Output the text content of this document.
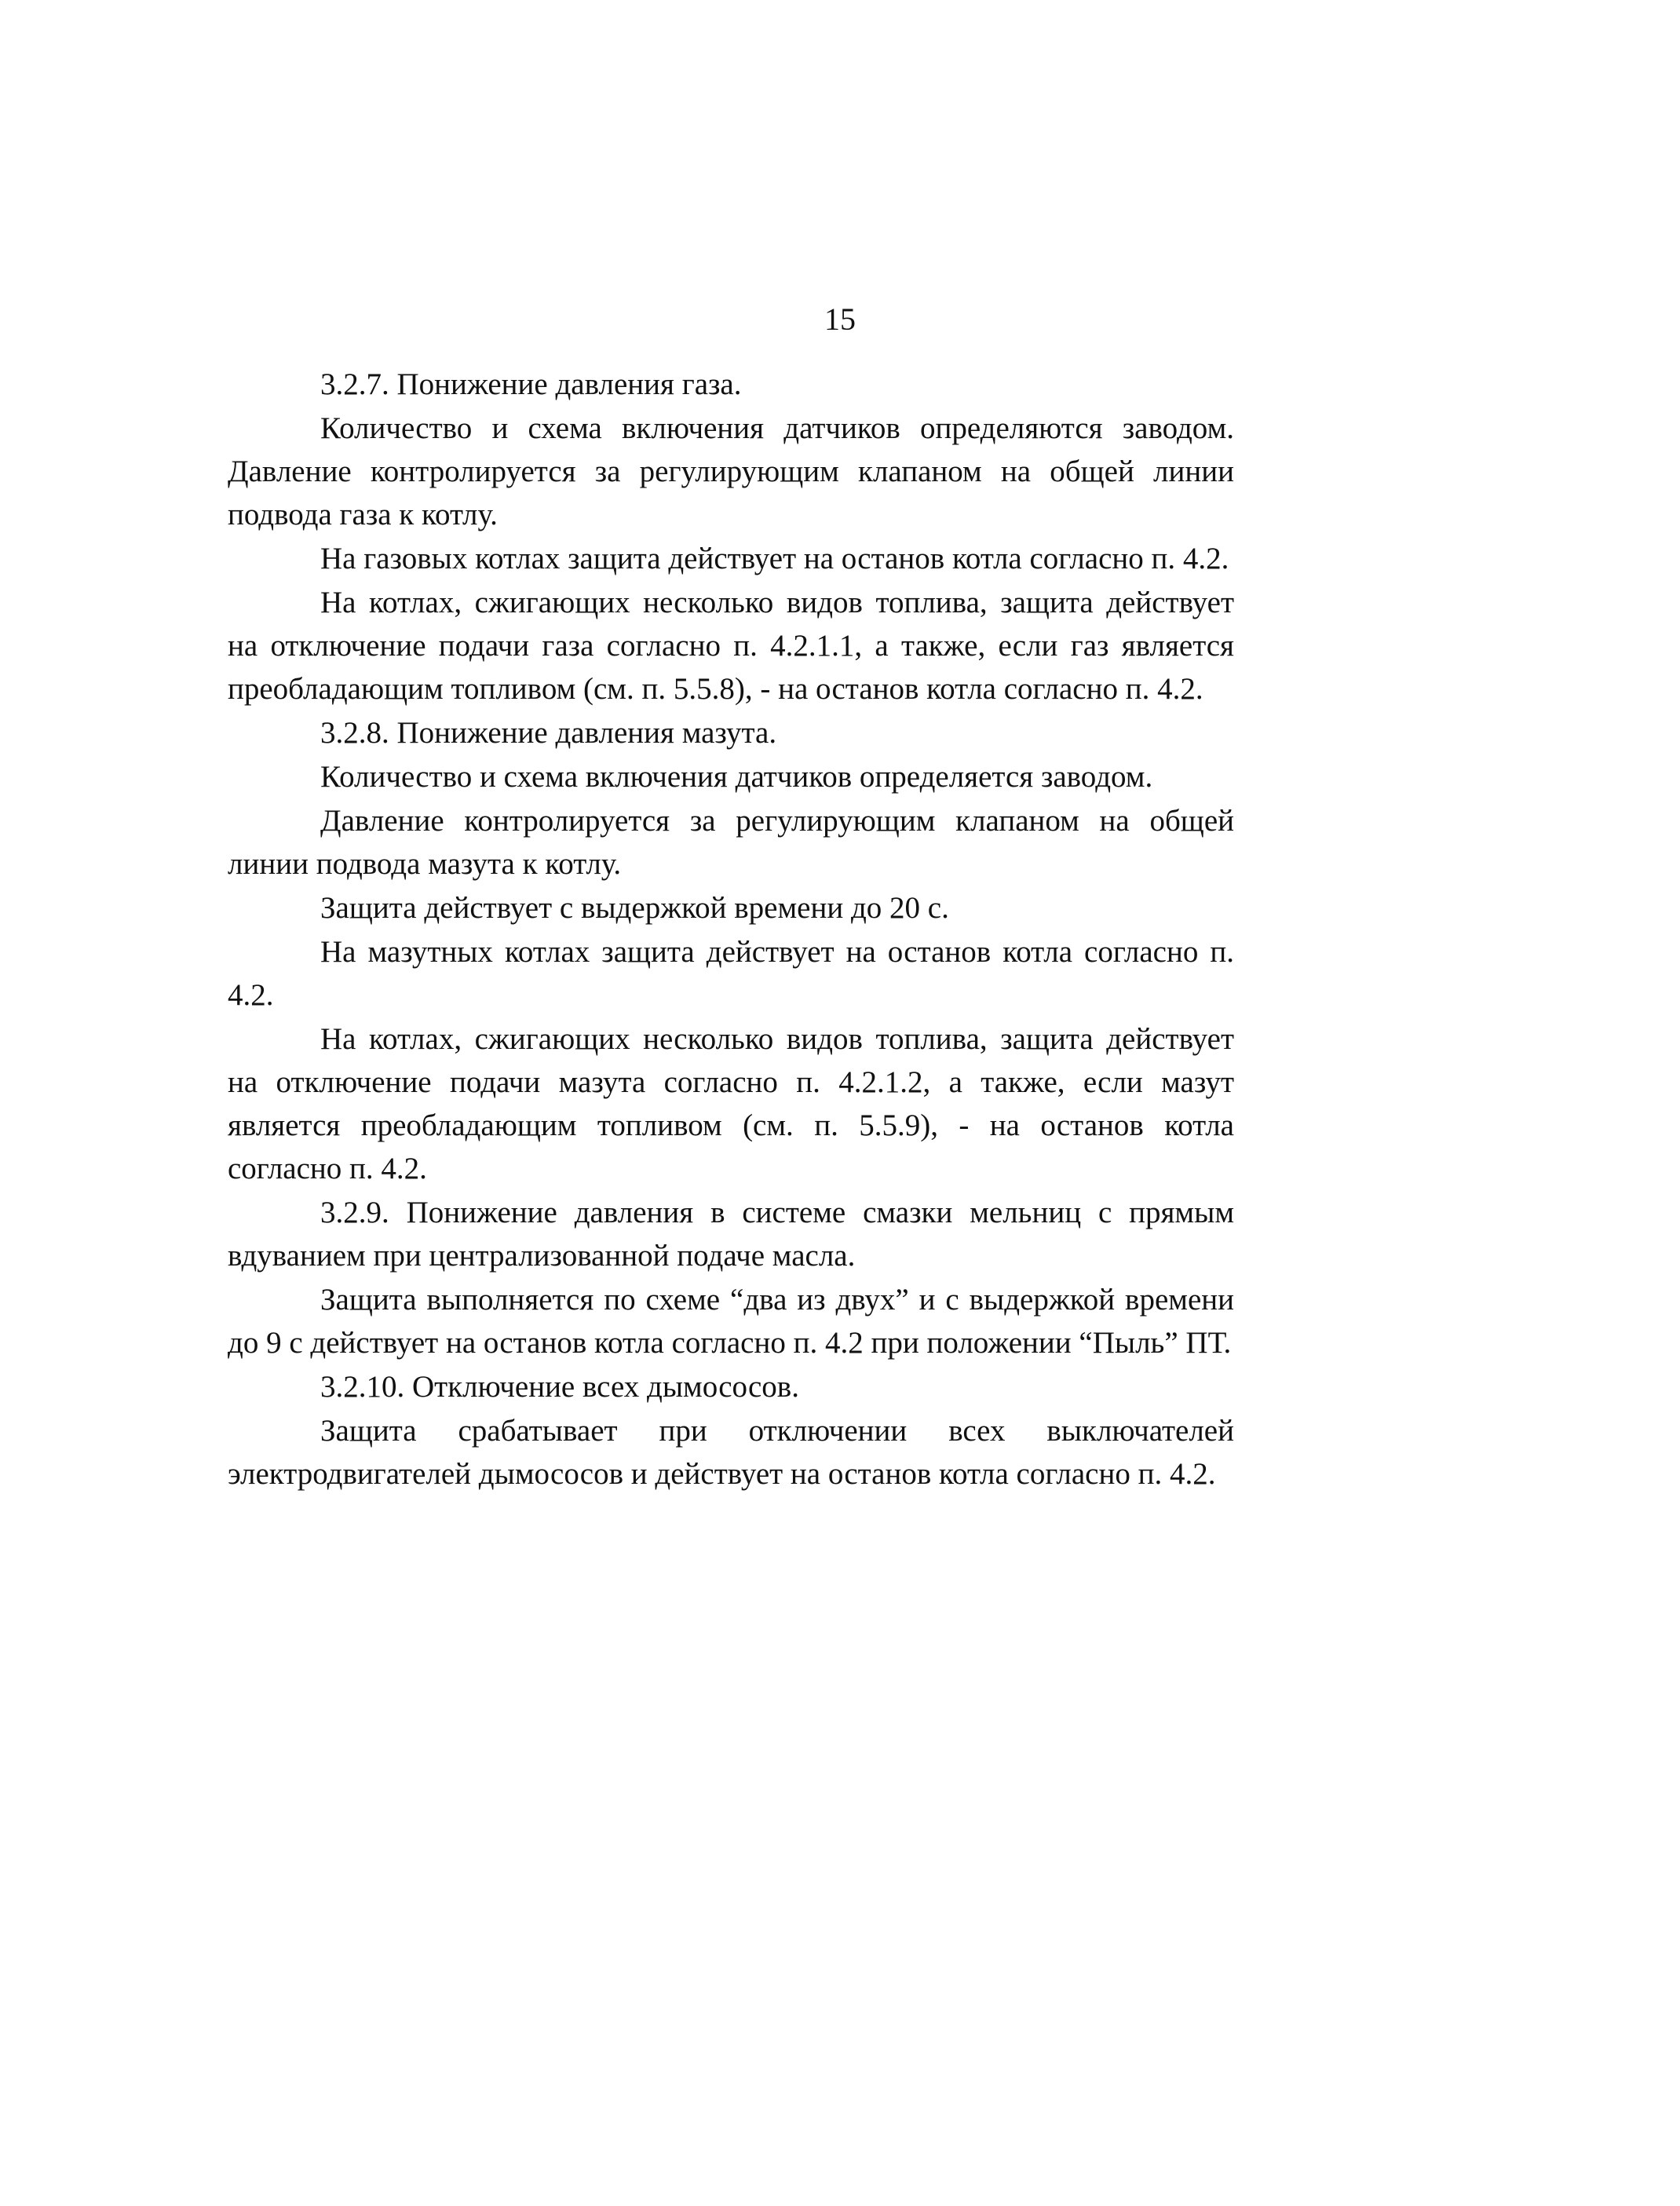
15

3.2.7. Понижение давления газа.

Количество и схема включения датчиков определяются заводом. Давление контролируется за регулирующим клапаном на общей линии подвода газа к котлу.

На газовых котлах защита действует на останов котла согласно п. 4.2.

На котлах, сжигающих несколько видов топлива, защита действует на отключение подачи газа согласно п. 4.2.1.1, а также, если газ является преобладающим топливом (см. п. 5.5.8), - на останов котла согласно п. 4.2.

3.2.8. Понижение давления мазута.

Количество и схема включения датчиков определяется заводом.

Давление контролируется за регулирующим клапаном на общей линии подвода мазута к котлу.

Защита действует с выдержкой времени до 20 с.

На мазутных котлах защита действует на останов котла согласно п. 4.2.

На котлах, сжигающих несколько видов топлива, защита действует на отключение подачи мазута согласно п. 4.2.1.2, а также, если мазут является преобладающим топливом (см. п. 5.5.9), - на останов котла согласно п. 4.2.

3.2.9. Понижение давления в системе смазки мельниц с прямым вдуванием при централизованной подаче масла.

Защита выполняется по схеме “два из двух” и с выдержкой времени до 9 с действует на останов котла согласно п. 4.2 при положении “Пыль” ПТ.

3.2.10. Отключение всех дымососов.

Защита срабатывает при отключении всех выключателей электродвигателей дымососов и действует на останов котла согласно п. 4.2.
